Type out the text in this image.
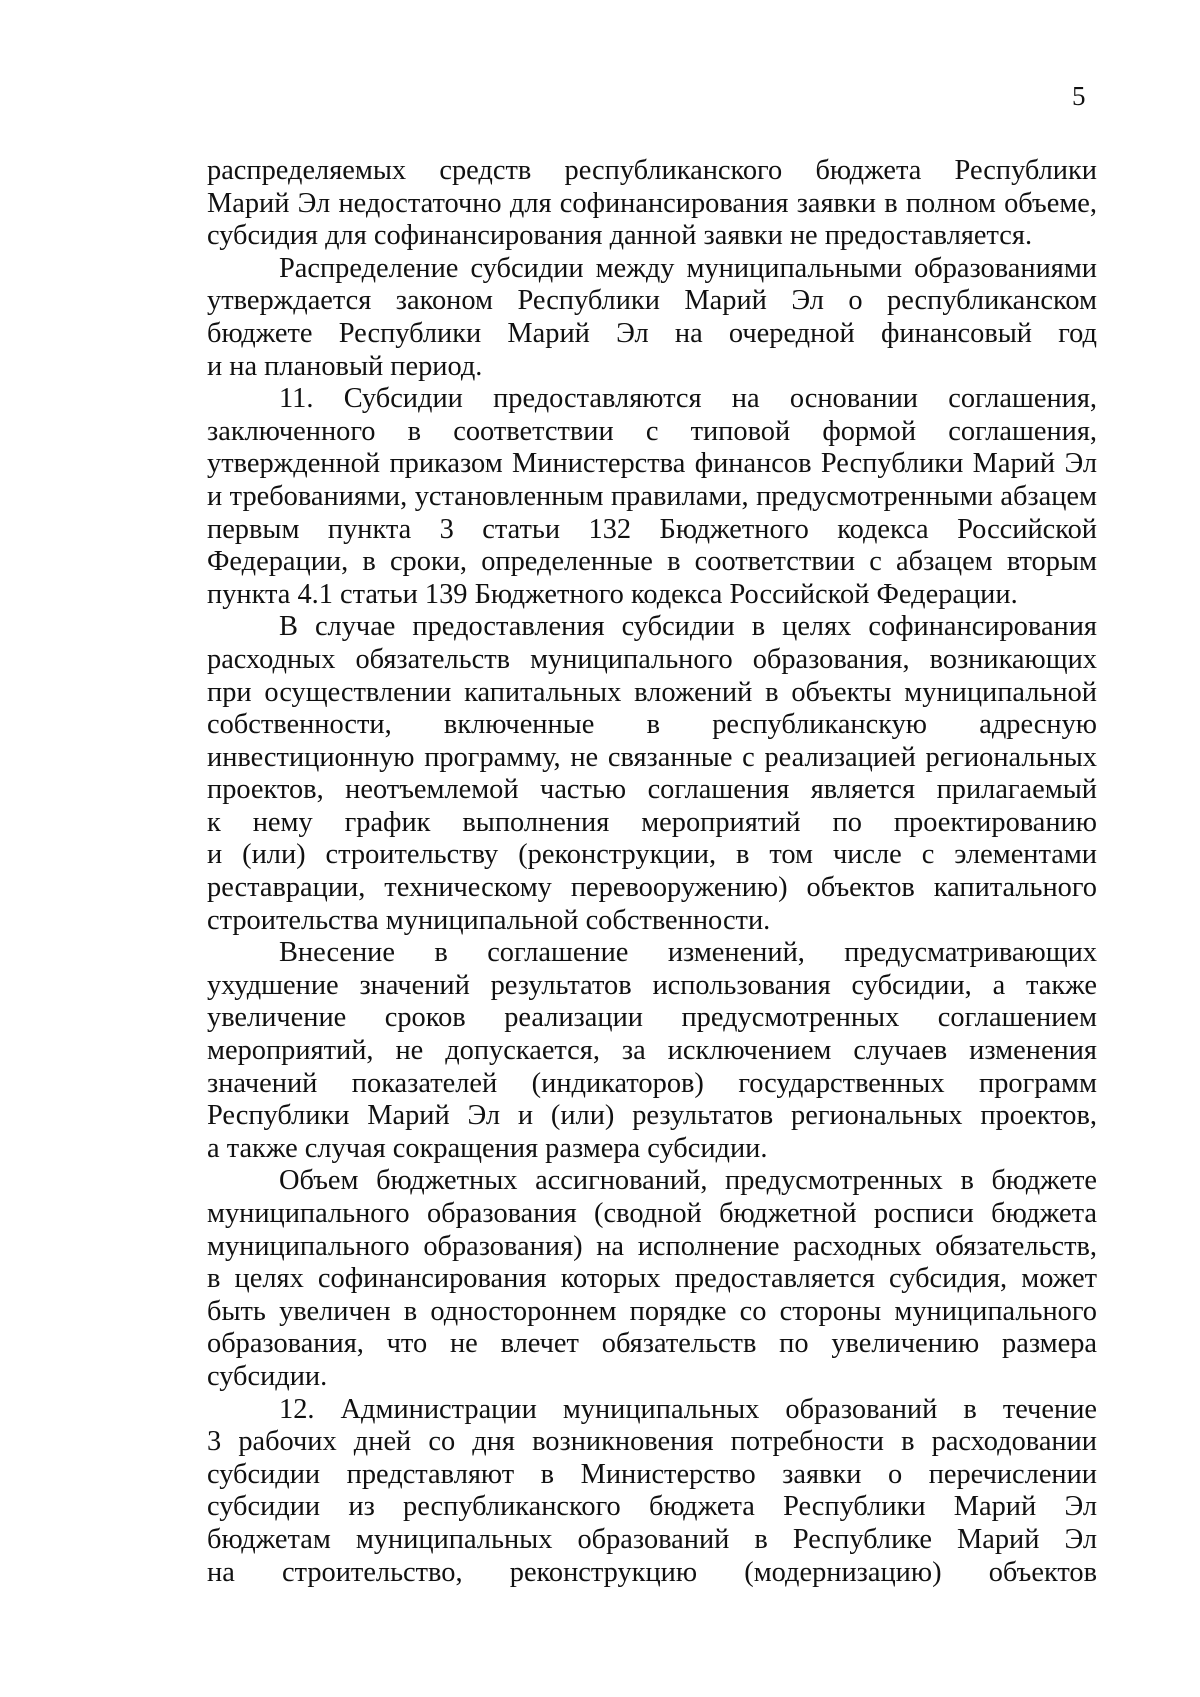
5
распределяемых средств республиканского бюджета Республики
Марий Эл недостаточно для софинансирования заявки в полном объеме,
субсидия для софинансирования данной заявки не предоставляется.
Распределение субсидии между муниципальными образованиями
утверждается законом Республики Марий Эл о республиканском
бюджете Республики Марий Эл на очередной финансовый год
и на плановый период.
11. Субсидии предоставляются на основании соглашения,
заключенного в соответствии с типовой формой соглашения,
утвержденной приказом Министерства финансов Республики Марий Эл
и требованиями, установленным правилами, предусмотренными абзацем
первым пункта 3 статьи 132 Бюджетного кодекса Российской
Федерации, в сроки, определенные в соответствии с абзацем вторым
пункта 4.1 статьи 139 Бюджетного кодекса Российской Федерации.
В случае предоставления субсидии в целях софинансирования
расходных обязательств муниципального образования, возникающих
при осуществлении капитальных вложений в объекты муниципальной
собственности, включенные в республиканскую адресную
инвестиционную программу, не связанные с реализацией региональных
проектов, неотъемлемой частью соглашения является прилагаемый
к нему график выполнения мероприятий по проектированию
и (или) строительству (реконструкции, в том числе с элементами
реставрации, техническому перевооружению) объектов капитального
строительства муниципальной собственности.
Внесение в соглашение изменений, предусматривающих
ухудшение значений результатов использования субсидии, а также
увеличение сроков реализации предусмотренных соглашением
мероприятий, не допускается, за исключением случаев изменения
значений показателей (индикаторов) государственных программ
Республики Марий Эл и (или) результатов региональных проектов,
а также случая сокращения размера субсидии.
Объем бюджетных ассигнований, предусмотренных в бюджете
муниципального образования (сводной бюджетной росписи бюджета
муниципального образования) на исполнение расходных обязательств,
в целях софинансирования которых предоставляется субсидия, может
быть увеличен в одностороннем порядке со стороны муниципального
образования, что не влечет обязательств по увеличению размера
субсидии.
12. Администрации муниципальных образований в течение
3 рабочих дней со дня возникновения потребности в расходовании
субсидии представляют в Министерство заявки о перечислении
субсидии из республиканского бюджета Республики Марий Эл
бюджетам муниципальных образований в Республике Марий Эл
на строительство, реконструкцию (модернизацию) объектов
